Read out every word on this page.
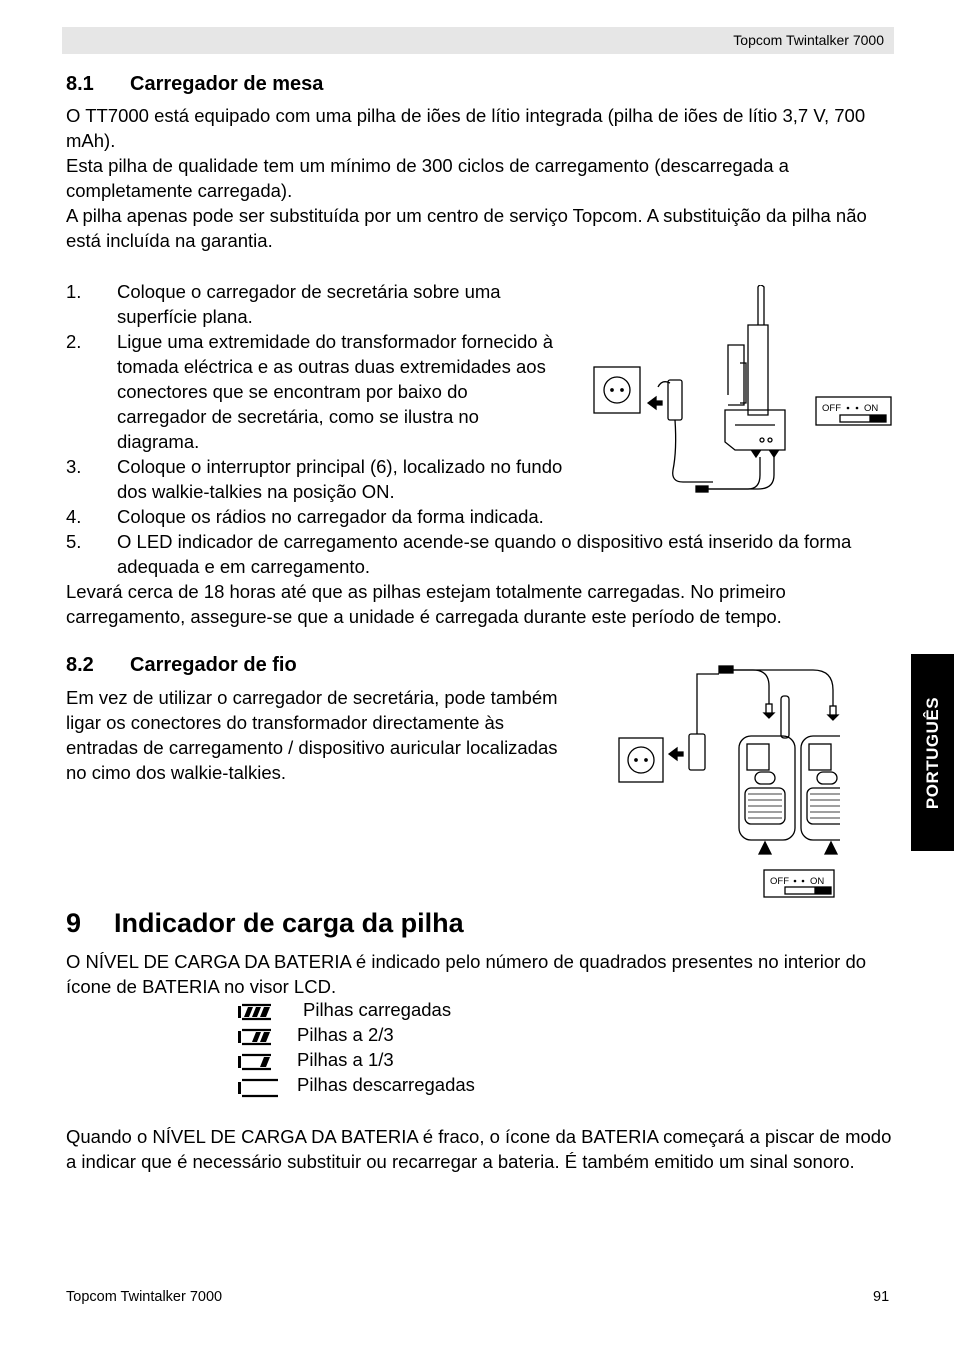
Topcom Twintalker 7000
8.1 Carregador de mesa
O TT7000 está equipado com uma pilha de iões de lítio integrada (pilha de iões de lítio 3,7 V, 700 mAh).
Esta pilha de qualidade tem um mínimo de 300 ciclos de carregamento (descarregada a completamente carregada).
A pilha apenas pode ser substituída por um centro de serviço Topcom. A substituição da pilha não está incluída na garantia.
1. Coloque o carregador de secretária sobre uma superfície plana.
2. Ligue uma extremidade do transformador fornecido à tomada eléctrica e as outras duas extremidades aos conectores que se encontram por baixo do carregador de secretária, como se ilustra no diagrama.
3. Coloque o interruptor principal (6), localizado no fundo dos walkie-talkies na posição ON.
4. Coloque os rádios no carregador da forma indicada.
5. O LED indicador de carregamento acende-se quando o dispositivo está inserido da forma adequada e em carregamento.
Levará cerca de 18 horas até que as pilhas estejam totalmente carregadas. No primeiro carregamento, assegure-se que a unidade é carregada durante este período de tempo.
OFF ON
8.2 Carregador de fio
Em vez de utilizar o carregador de secretária, pode também ligar os conectores do transformador directamente às entradas de carregamento / dispositivo auricular localizadas no cimo dos walkie-talkies.
OFF ON
PORTUGUÊS
9 Indicador de carga da pilha
O NÍVEL DE CARGA DA BATERIA é indicado pelo número de quadrados presentes no interior do ícone de BATERIA no visor LCD.
Pilhas carregadas
Pilhas a 2/3
Pilhas a 1/3
Pilhas descarregadas
Quando o NÍVEL DE CARGA DA BATERIA é fraco, o ícone da BATERIA começará a piscar de modo a indicar que é necessário substituir ou recarregar a bateria. É também emitido um sinal sonoro.
Topcom Twintalker 7000	91
